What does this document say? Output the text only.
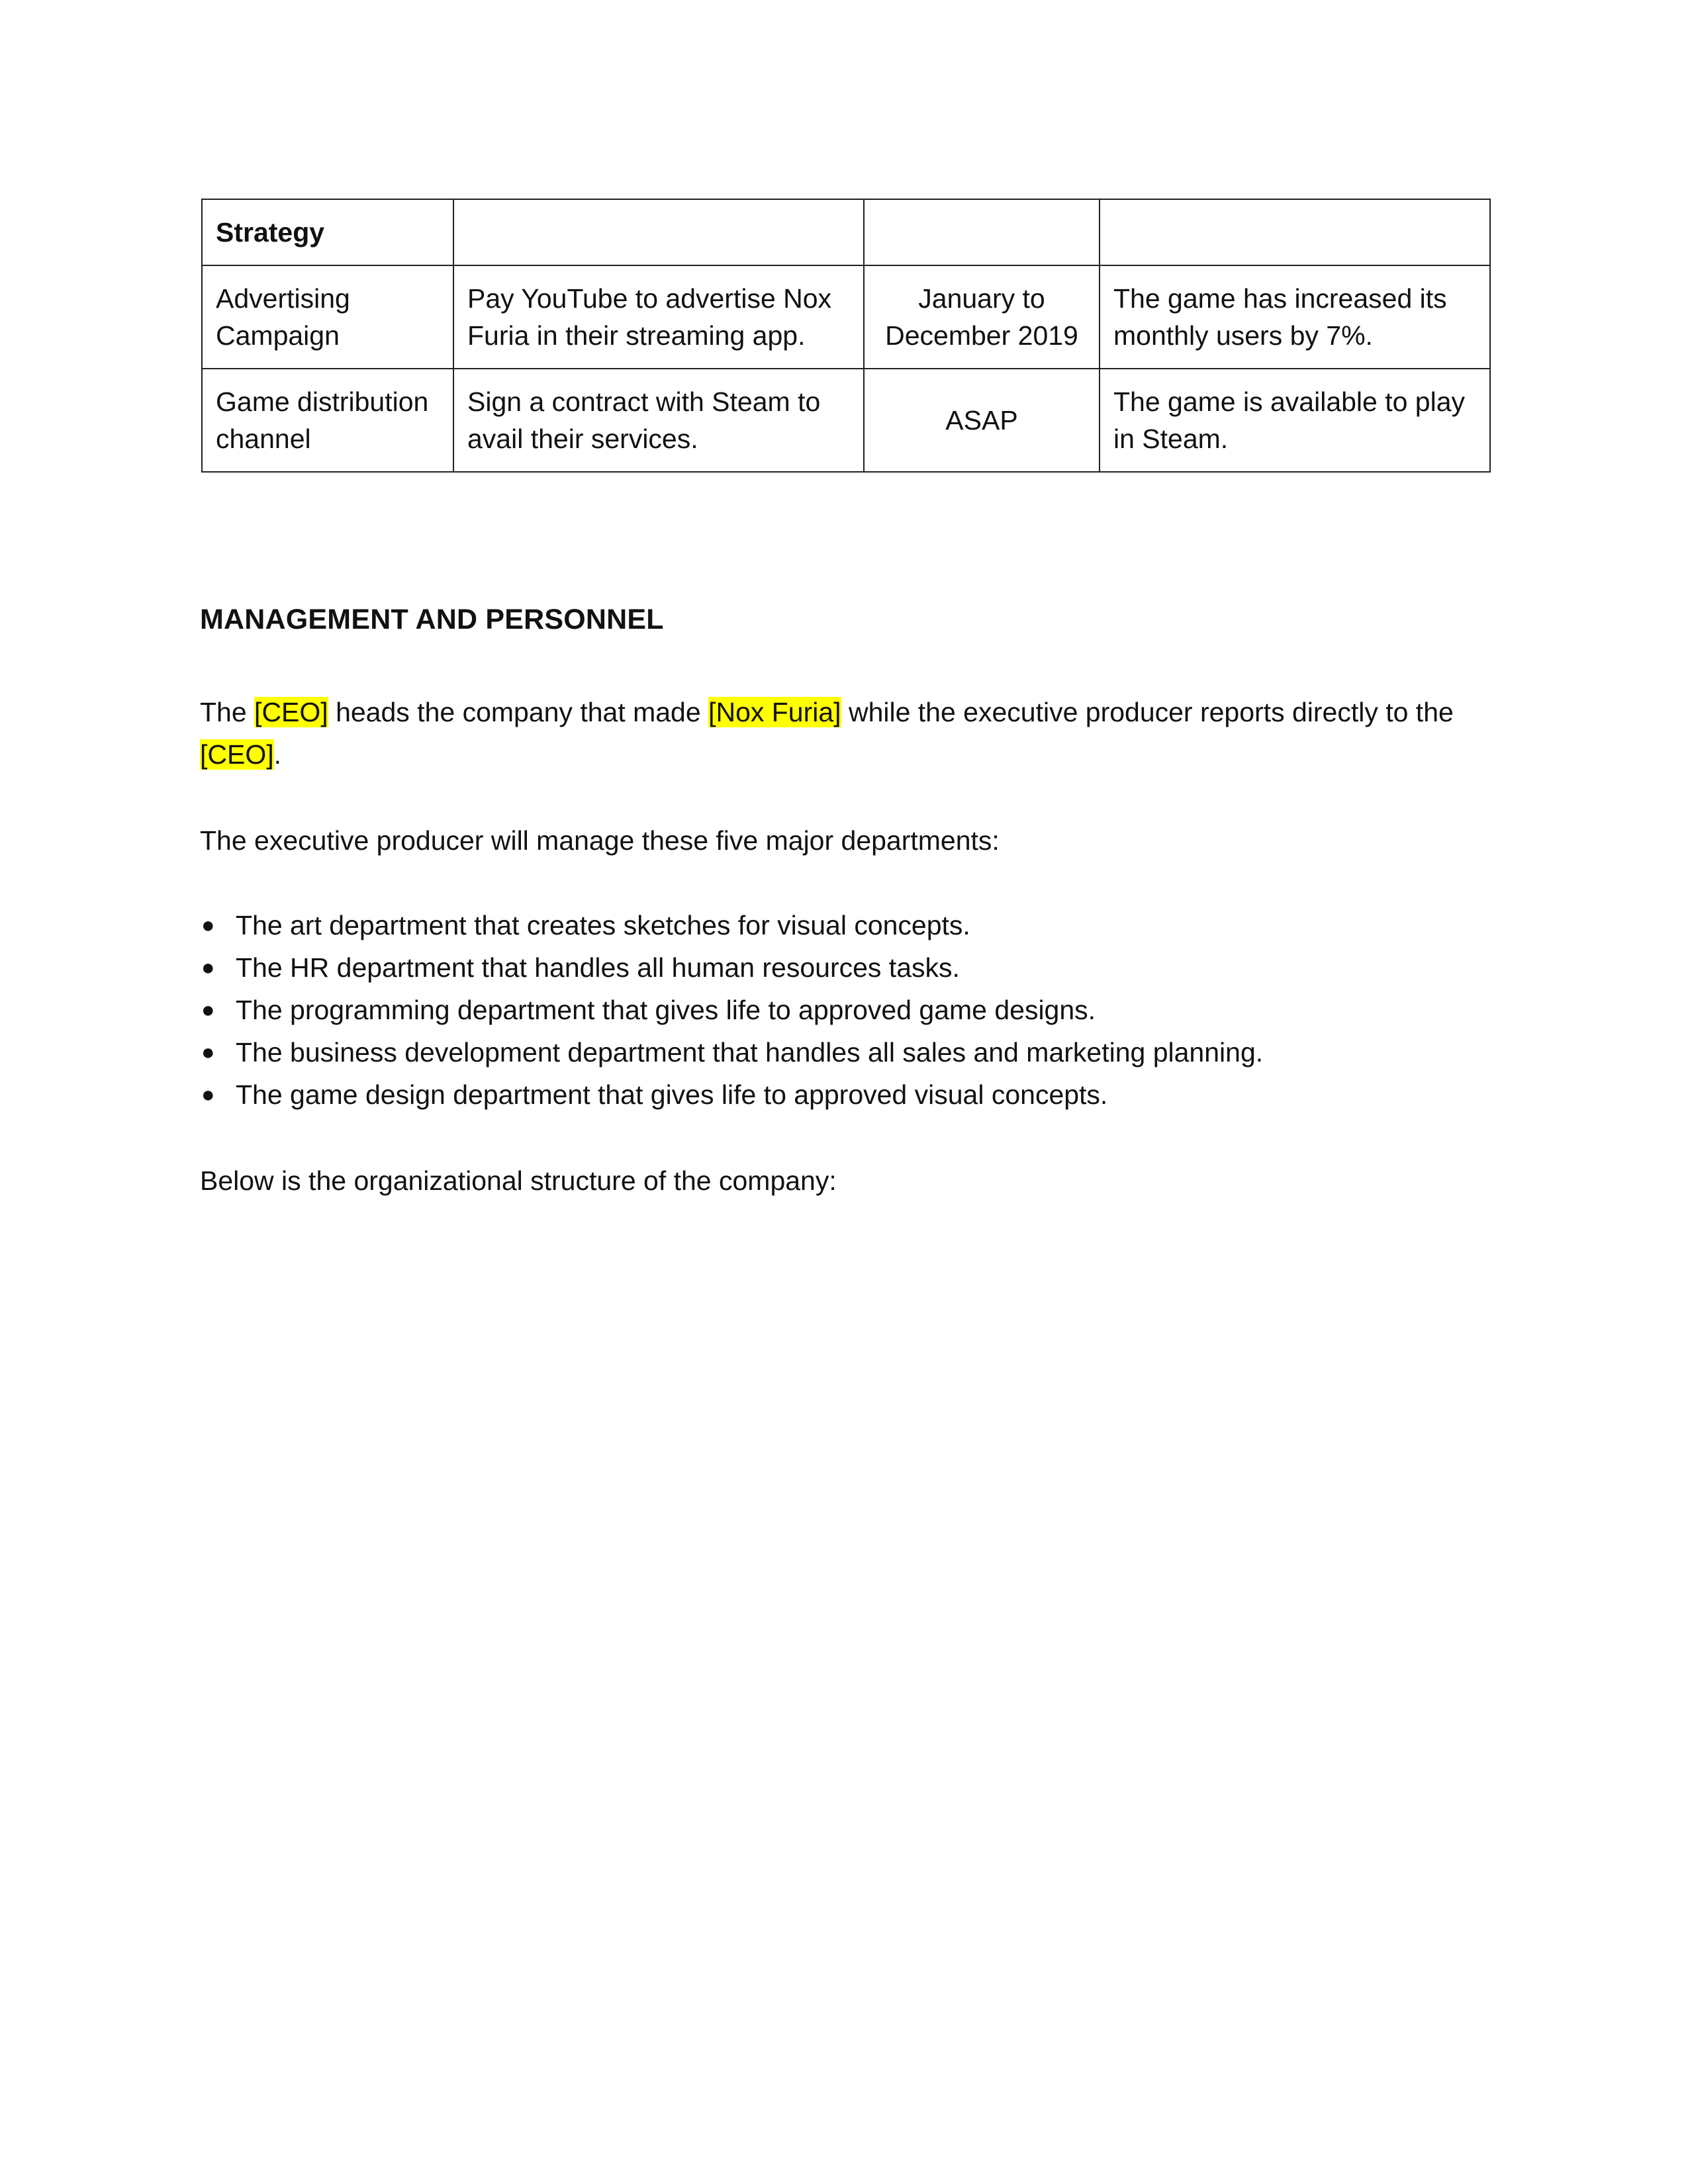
Strategy			
Advertising Campaign	Pay YouTube to advertise Nox Furia in their streaming app.	January to December 2019	The game has increased its monthly users by 7%.
Game distribution channel	Sign a contract with Steam to avail their services.	ASAP	The game is available to play in Steam.
MANAGEMENT AND PERSONNEL

The [CEO] heads the company that made [Nox Furia] while the executive producer reports directly to the [CEO].

The executive producer will manage these five major departments:

● The art department that creates sketches for visual concepts.
● The HR department that handles all human resources tasks.
● The programming department that gives life to approved game designs.
● The business development department that handles all sales and marketing planning.
● The game design department that gives life to approved visual concepts.

Below is the organizational structure of the company:
